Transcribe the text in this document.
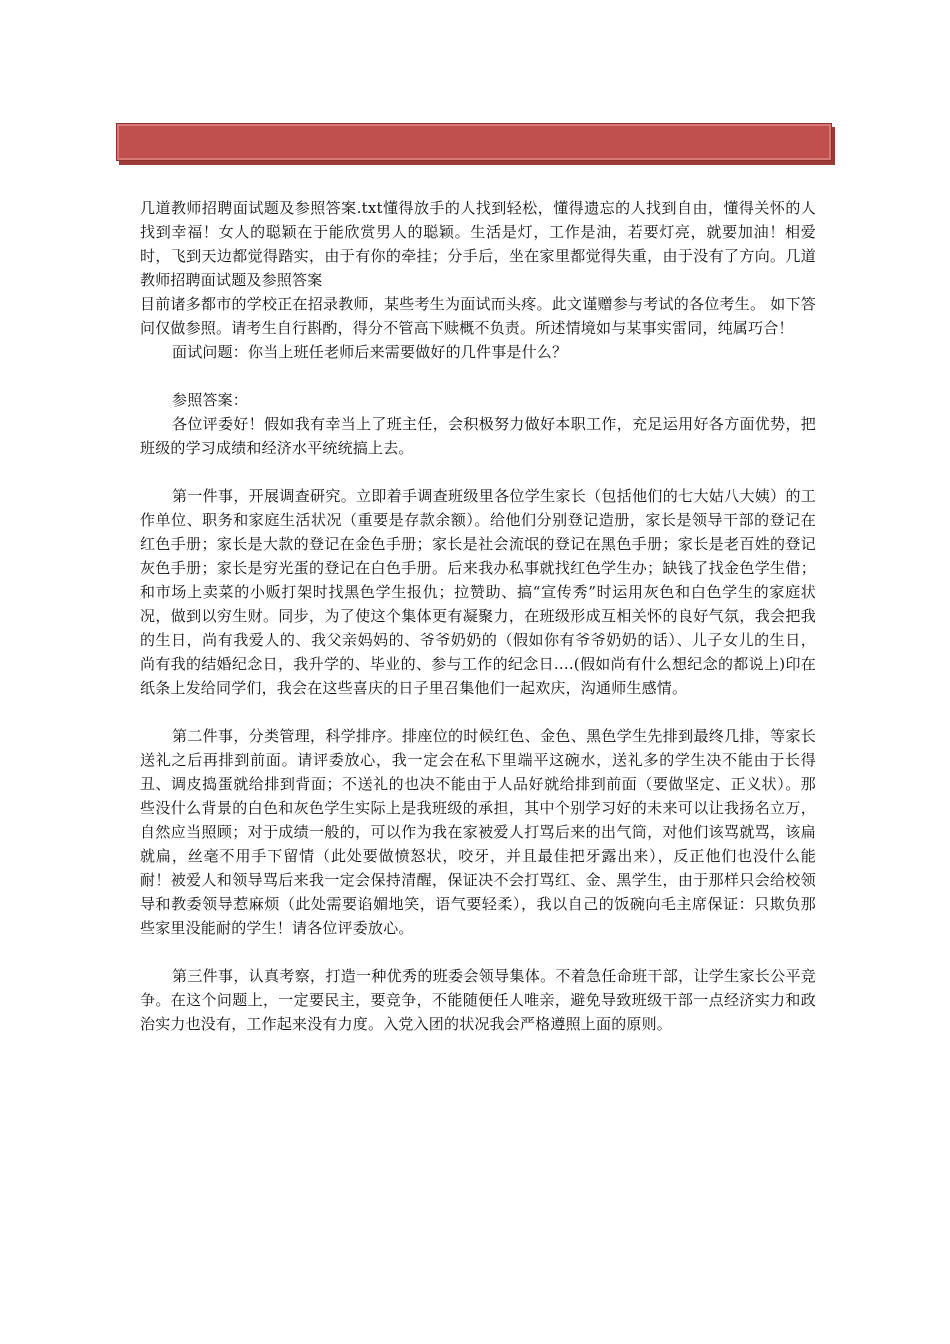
几道教师招聘面试题及参照答案.txt懂得放手的人找到轻松，懂得遗忘的人找到自由，懂得关怀的人找到幸福！女人的聪颖在于能欣赏男人的聪颖。生活是灯，工作是油，若要灯亮，就要加油！相爱时，飞到天边都觉得踏实，由于有你的牵挂；分手后，坐在家里都觉得失重，由于没有了方向。几道教师招聘面试题及参照答案

目前诸多都市的学校正在招录教师，某些考生为面试而头疼。此文谨赠参与考试的各位考生。 如下答问仅做参照。请考生自行斟酌，得分不管高下赎概不负责。所述情境如与某事实雷同，纯属巧合！

面试问题：你当上班任老师后来需要做好的几件事是什么？

参照答案：

各位评委好！假如我有幸当上了班主任，会积极努力做好本职工作，充足运用好各方面优势，把班级的学习成绩和经济水平统统搞上去。

第一件事，开展调查研究。立即着手调查班级里各位学生家长（包括他们的七大姑八大姨）的工作单位、职务和家庭生活状况（重要是存款余额）。给他们分别登记造册，家长是领导干部的登记在红色手册；家长是大款的登记在金色手册；家长是社会流氓的登记在黑色手册；家长是老百姓的登记灰色手册；家长是穷光蛋的登记在白色手册。后来我办私事就找红色学生办；缺钱了找金色学生借；和市场上卖菜的小贩打架时找黑色学生报仇；拉赞助、搞“宣传秀”时运用灰色和白色学生的家庭状况，做到以穷生财。同步，为了使这个集体更有凝聚力，在班级形成互相关怀的良好气氛，我会把我的生日，尚有我爱人的、我父亲妈妈的、爷爷奶奶的（假如你有爷爷奶奶的话）、儿子女儿的生日，尚有我的结婚纪念日，我升学的、毕业的、参与工作的纪念日....(假如尚有什么想纪念的都说上)印在纸条上发给同学们，我会在这些喜庆的日子里召集他们一起欢庆，沟通师生感情。

第二件事，分类管理，科学排序。排座位的时候红色、金色、黑色学生先排到最终几排，等家长送礼之后再排到前面。请评委放心，我一定会在私下里端平这碗水，送礼多的学生决不能由于长得丑、调皮捣蛋就给排到背面；不送礼的也决不能由于人品好就给排到前面（要做坚定、正义状）。那些没什么背景的白色和灰色学生实际上是我班级的承担，其中个别学习好的未来可以让我扬名立万，自然应当照顾；对于成绩一般的，可以作为我在家被爱人打骂后来的出气筒，对他们该骂就骂，该扁就扁，丝毫不用手下留情（此处要做愤怒状，咬牙，并且最佳把牙露出来），反正他们也没什么能耐！被爱人和领导骂后来我一定会保持清醒，保证决不会打骂红、金、黑学生，由于那样只会给校领导和教委领导惹麻烦（此处需要谄媚地笑，语气要轻柔），我以自己的饭碗向毛主席保证：只欺负那些家里没能耐的学生！请各位评委放心。

第三件事，认真考察，打造一种优秀的班委会领导集体。不着急任命班干部，让学生家长公平竞争。在这个问题上，一定要民主，要竞争，不能随便任人唯亲，避免导致班级干部一点经济实力和政治实力也没有，工作起来没有力度。入党入团的状况我会严格遵照上面的原则。
